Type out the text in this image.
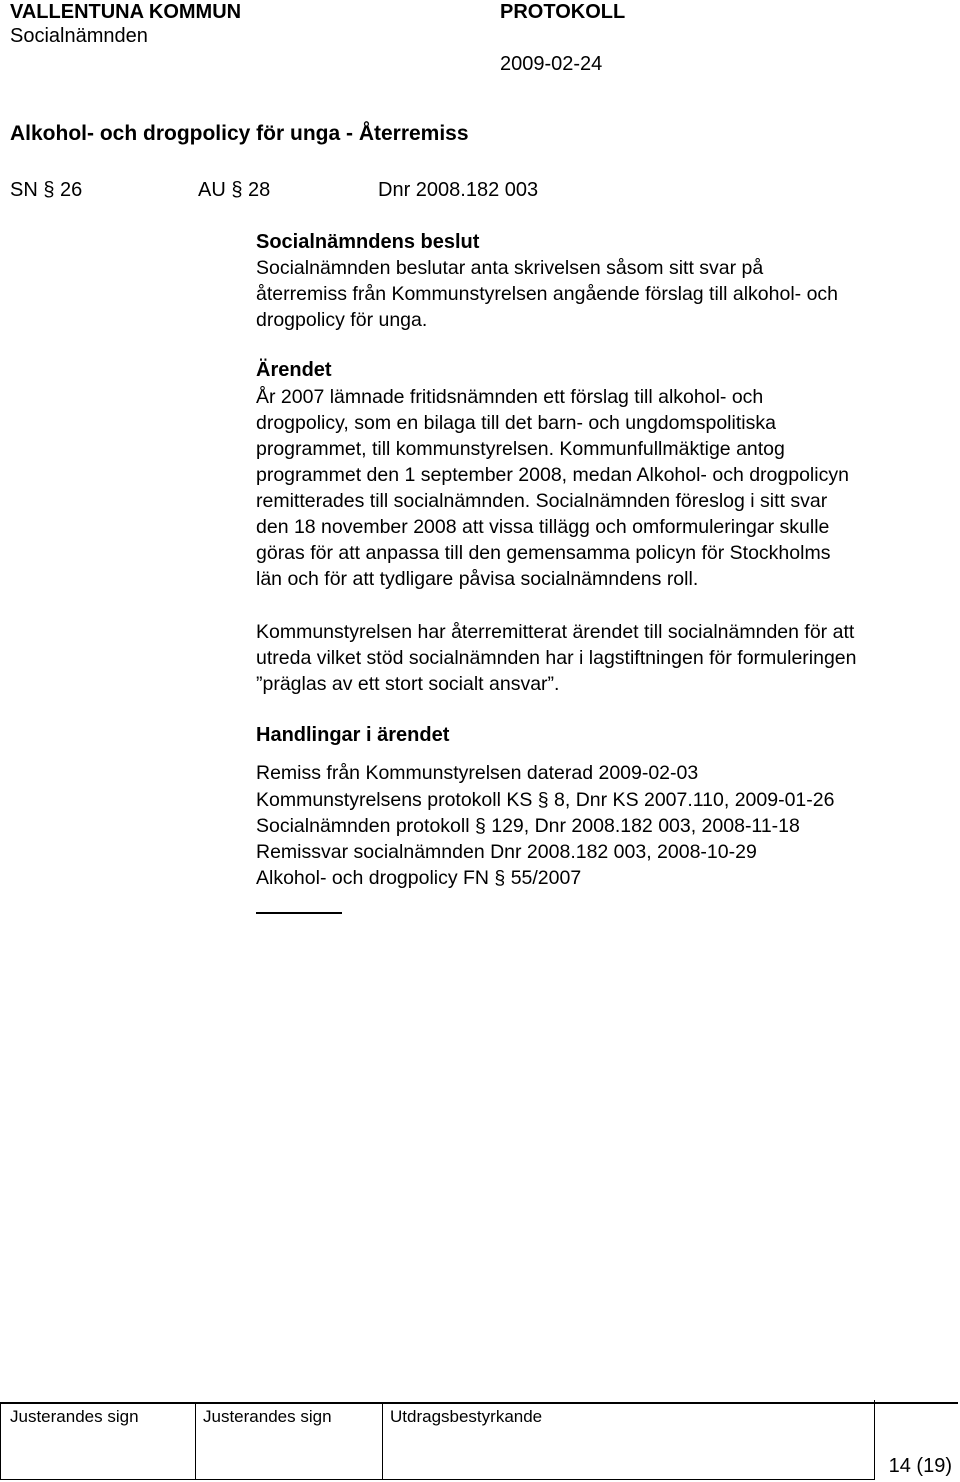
VALLENTUNA KOMMUN
Socialnämnden
PROTOKOLL
2009-02-24
Alkohol- och drogpolicy för unga - Återremiss
SN § 26	AU § 28	Dnr 2008.182 003
Socialnämndens beslut
Socialnämnden beslutar anta skrivelsen såsom sitt svar på
återremiss från Kommunstyrelsen angående förslag till alkohol- och
drogpolicy för unga.
Ärendet
År 2007 lämnade fritidsnämnden ett förslag till alkohol- och
drogpolicy, som en bilaga till det barn- och ungdomspolitiska
programmet, till kommunstyrelsen. Kommunfullmäktige antog
programmet den 1 september 2008, medan Alkohol- och drogpolicyn
remitterades till socialnämnden. Socialnämnden föreslog i sitt svar
den 18 november 2008 att vissa tillägg och omformuleringar skulle
göras för att anpassa till den gemensamma policyn för Stockholms
län och för att tydligare påvisa socialnämndens roll.
Kommunstyrelsen har återremitterat ärendet till socialnämnden för att
utreda vilket stöd socialnämnden har i lagstiftningen för formuleringen
”präglas av ett stort socialt ansvar”.
Handlingar i ärendet
Remiss från Kommunstyrelsen daterad 2009-02-03
Kommunstyrelsens protokoll KS § 8, Dnr KS 2007.110, 2009-01-26
Socialnämnden protokoll § 129, Dnr 2008.182 003, 2008-11-18
Remissvar socialnämnden Dnr 2008.182 003, 2008-10-29
Alkohol- och drogpolicy FN § 55/2007
Justerandes sign	Justerandes sign	Utdragsbestyrkande
14 (19)
